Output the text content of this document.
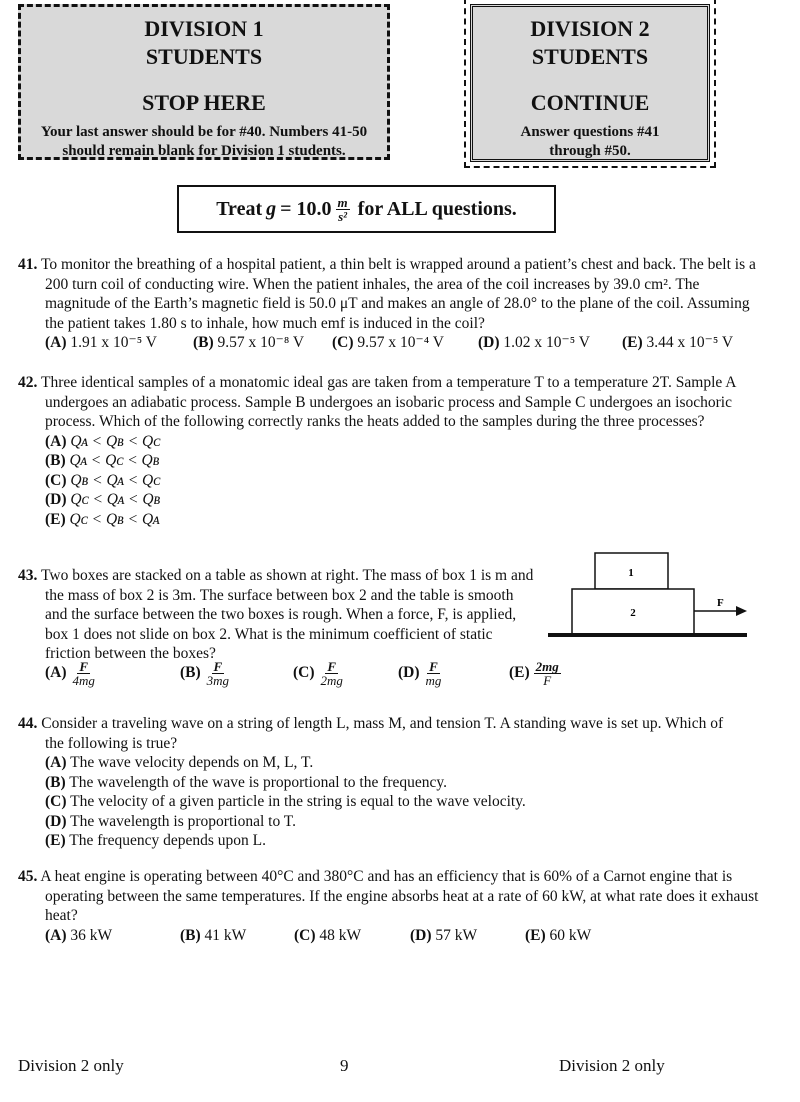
DIVISION 1
STUDENTS
STOP HERE
Your last answer should be for #40. Numbers 41-50 should remain blank for Division 1 students.
DIVISION 2
STUDENTS
CONTINUE
Answer questions #41 through #50.
Treat $g = 10.0 \frac{m}{\text{s²}}$ for ALL questions.
41. To monitor the breathing of a hospital patient, a thin belt is wrapped around a patient’s chest and back. The belt is a 200 turn coil of conducting wire. When the patient inhales, the area of the coil increases by 39.0 cm². The magnitude of the Earth’s magnetic field is 50.0 μT and makes an angle of 28.0° to the plane of the coil. Assuming the patient takes 1.80 s to inhale, how much emf is induced in the coil?
(A) 1.91 x 10⁻⁵ V (B) 9.57 x 10⁻⁸ V (C) 9.57 x 10⁻⁴ V (D) 1.02 x 10⁻⁵ V (E) 3.44 x 10⁻⁵ V
42. Three identical samples of a monatomic ideal gas are taken from a temperature T to a temperature 2T. Sample A undergoes an adiabatic process. Sample B undergoes an isobaric process and Sample C undergoes an isochoric process. Which of the following correctly ranks the heats added to the samples during the three processes?
(A) Qᴀ < Qʙ < Qᴄ
(B) Qᴀ < Qᴄ < Qʙ
(C) Qʙ < Qᴀ < Qᴄ
(D) Qᴄ < Qᴀ < Qʙ
(E) Qᴄ < Qʙ < Qᴀ
43. Two boxes are stacked on a table as shown at right. The mass of box 1 is m and the mass of box 2 is 3m. The surface between box 2 and the table is smooth and the surface between the two boxes is rough. When a force, F, is applied, box 1 does not slide on box 2. What is the minimum coefficient of static friction between the boxes?
$(A) \frac{F}{4mg}$	$(B) \frac{F}{3mg}$	$(C) \frac{F}{2mg}$	$(D) \frac{F}{mg}$	$(E) \frac{2mg}{F}$
1
2
F
44. Consider a traveling wave on a string of length L, mass M, and tension T. A standing wave is set up. Which of the following is true?
(A) The wave velocity depends on M, L, T.
(B) The wavelength of the wave is proportional to the frequency.
(C) The velocity of a given particle in the string is equal to the wave velocity.
(D) The wavelength is proportional to T.
(E) The frequency depends upon L.
45. A heat engine is operating between 40°C and 380°C and has an efficiency that is 60% of a Carnot engine that is operating between the same temperatures. If the engine absorbs heat at a rate of 60 kW, at what rate does it exhaust heat?
(A) 36 kW	(B) 41 kW	(C) 48 kW	(D) 57 kW	(E) 60 kW
Division 2 only	9	Division 2 only
